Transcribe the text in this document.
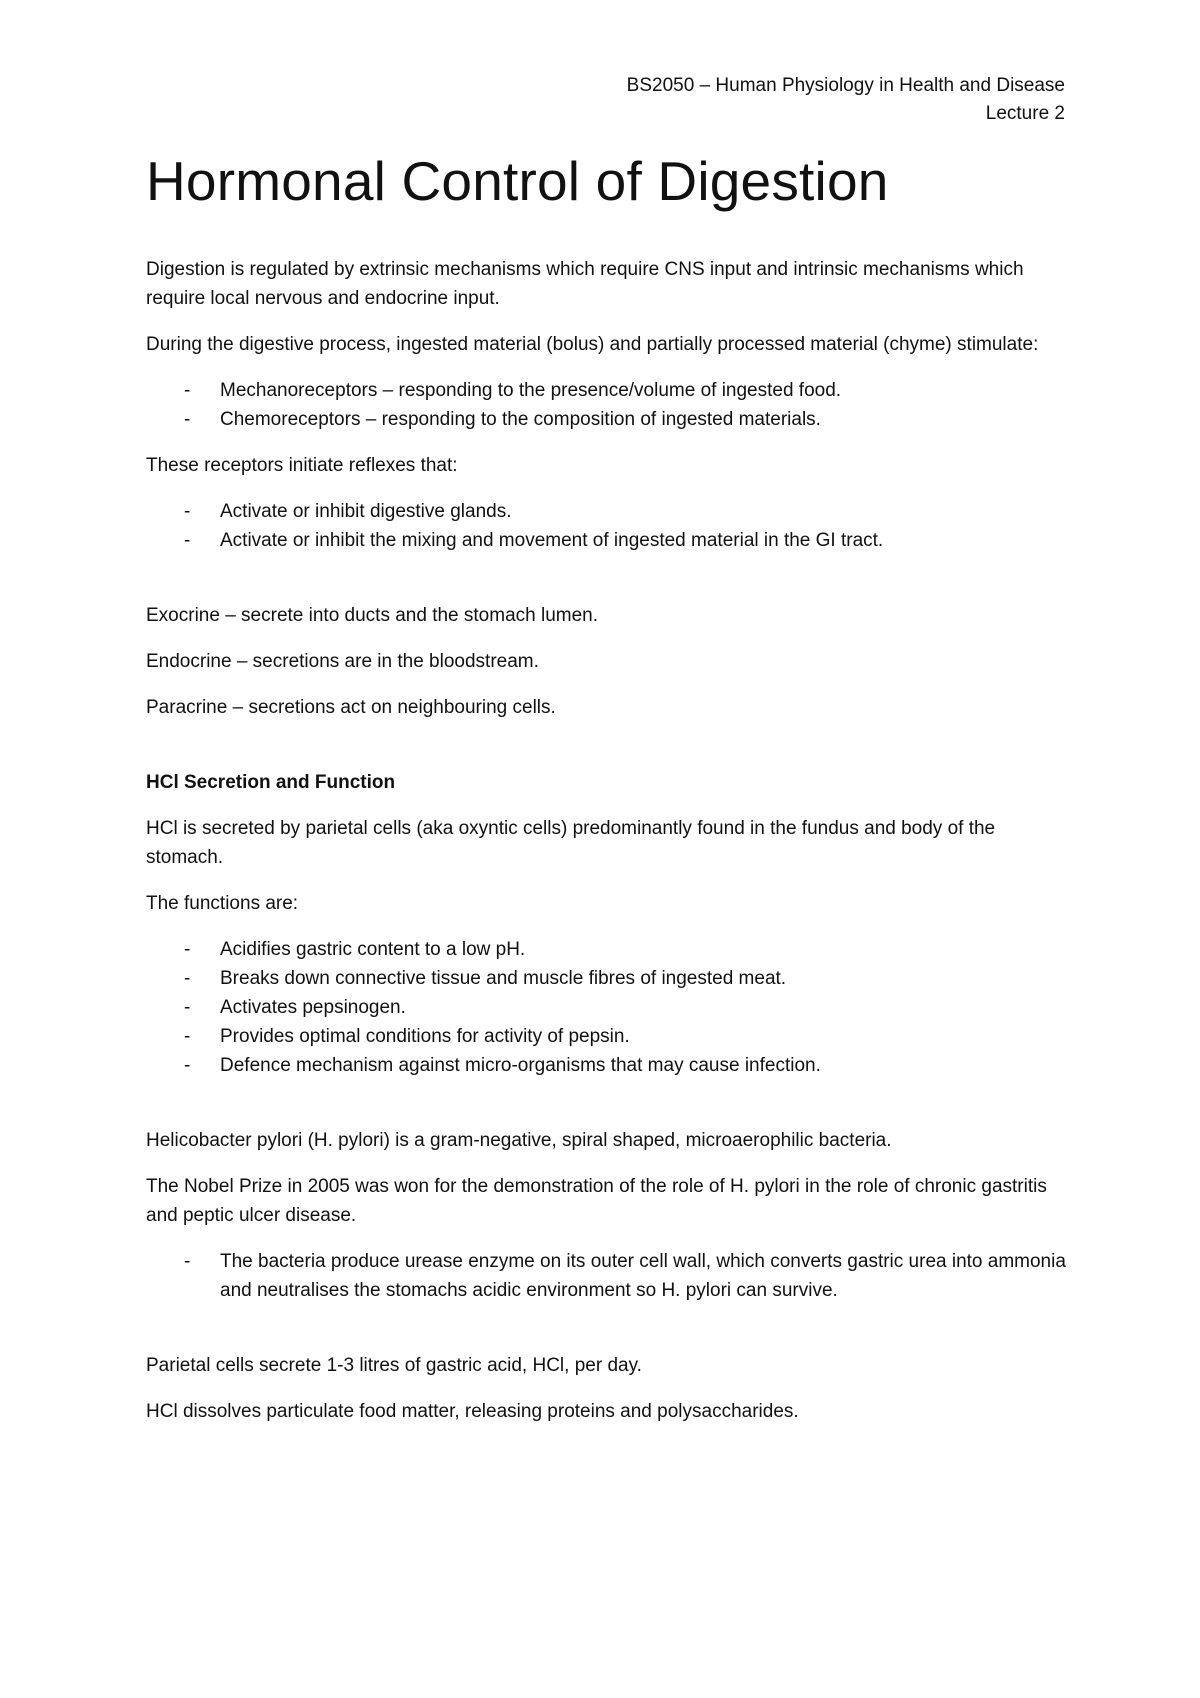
BS2050 – Human Physiology in Health and Disease
Lecture 2
Hormonal Control of Digestion

Digestion is regulated by extrinsic mechanisms which require CNS input and intrinsic mechanisms which require local nervous and endocrine input.

During the digestive process, ingested material (bolus) and partially processed material (chyme) stimulate:

- Mechanoreceptors – responding to the presence/volume of ingested food.
- Chemoreceptors – responding to the composition of ingested materials.

These receptors initiate reflexes that:

- Activate or inhibit digestive glands.
- Activate or inhibit the mixing and movement of ingested material in the GI tract.

Exocrine – secrete into ducts and the stomach lumen.

Endocrine – secretions are in the bloodstream.

Paracrine – secretions act on neighbouring cells.

HCl Secretion and Function

HCl is secreted by parietal cells (aka oxyntic cells) predominantly found in the fundus and body of the stomach.

The functions are:

- Acidifies gastric content to a low pH.
- Breaks down connective tissue and muscle fibres of ingested meat.
- Activates pepsinogen.
- Provides optimal conditions for activity of pepsin.
- Defence mechanism against micro-organisms that may cause infection.

Helicobacter pylori (H. pylori) is a gram-negative, spiral shaped, microaerophilic bacteria.

The Nobel Prize in 2005 was won for the demonstration of the role of H. pylori in the role of chronic gastritis and peptic ulcer disease.

- The bacteria produce urease enzyme on its outer cell wall, which converts gastric urea into ammonia and neutralises the stomachs acidic environment so H. pylori can survive.

Parietal cells secrete 1-3 litres of gastric acid, HCl, per day.

HCl dissolves particulate food matter, releasing proteins and polysaccharides.
